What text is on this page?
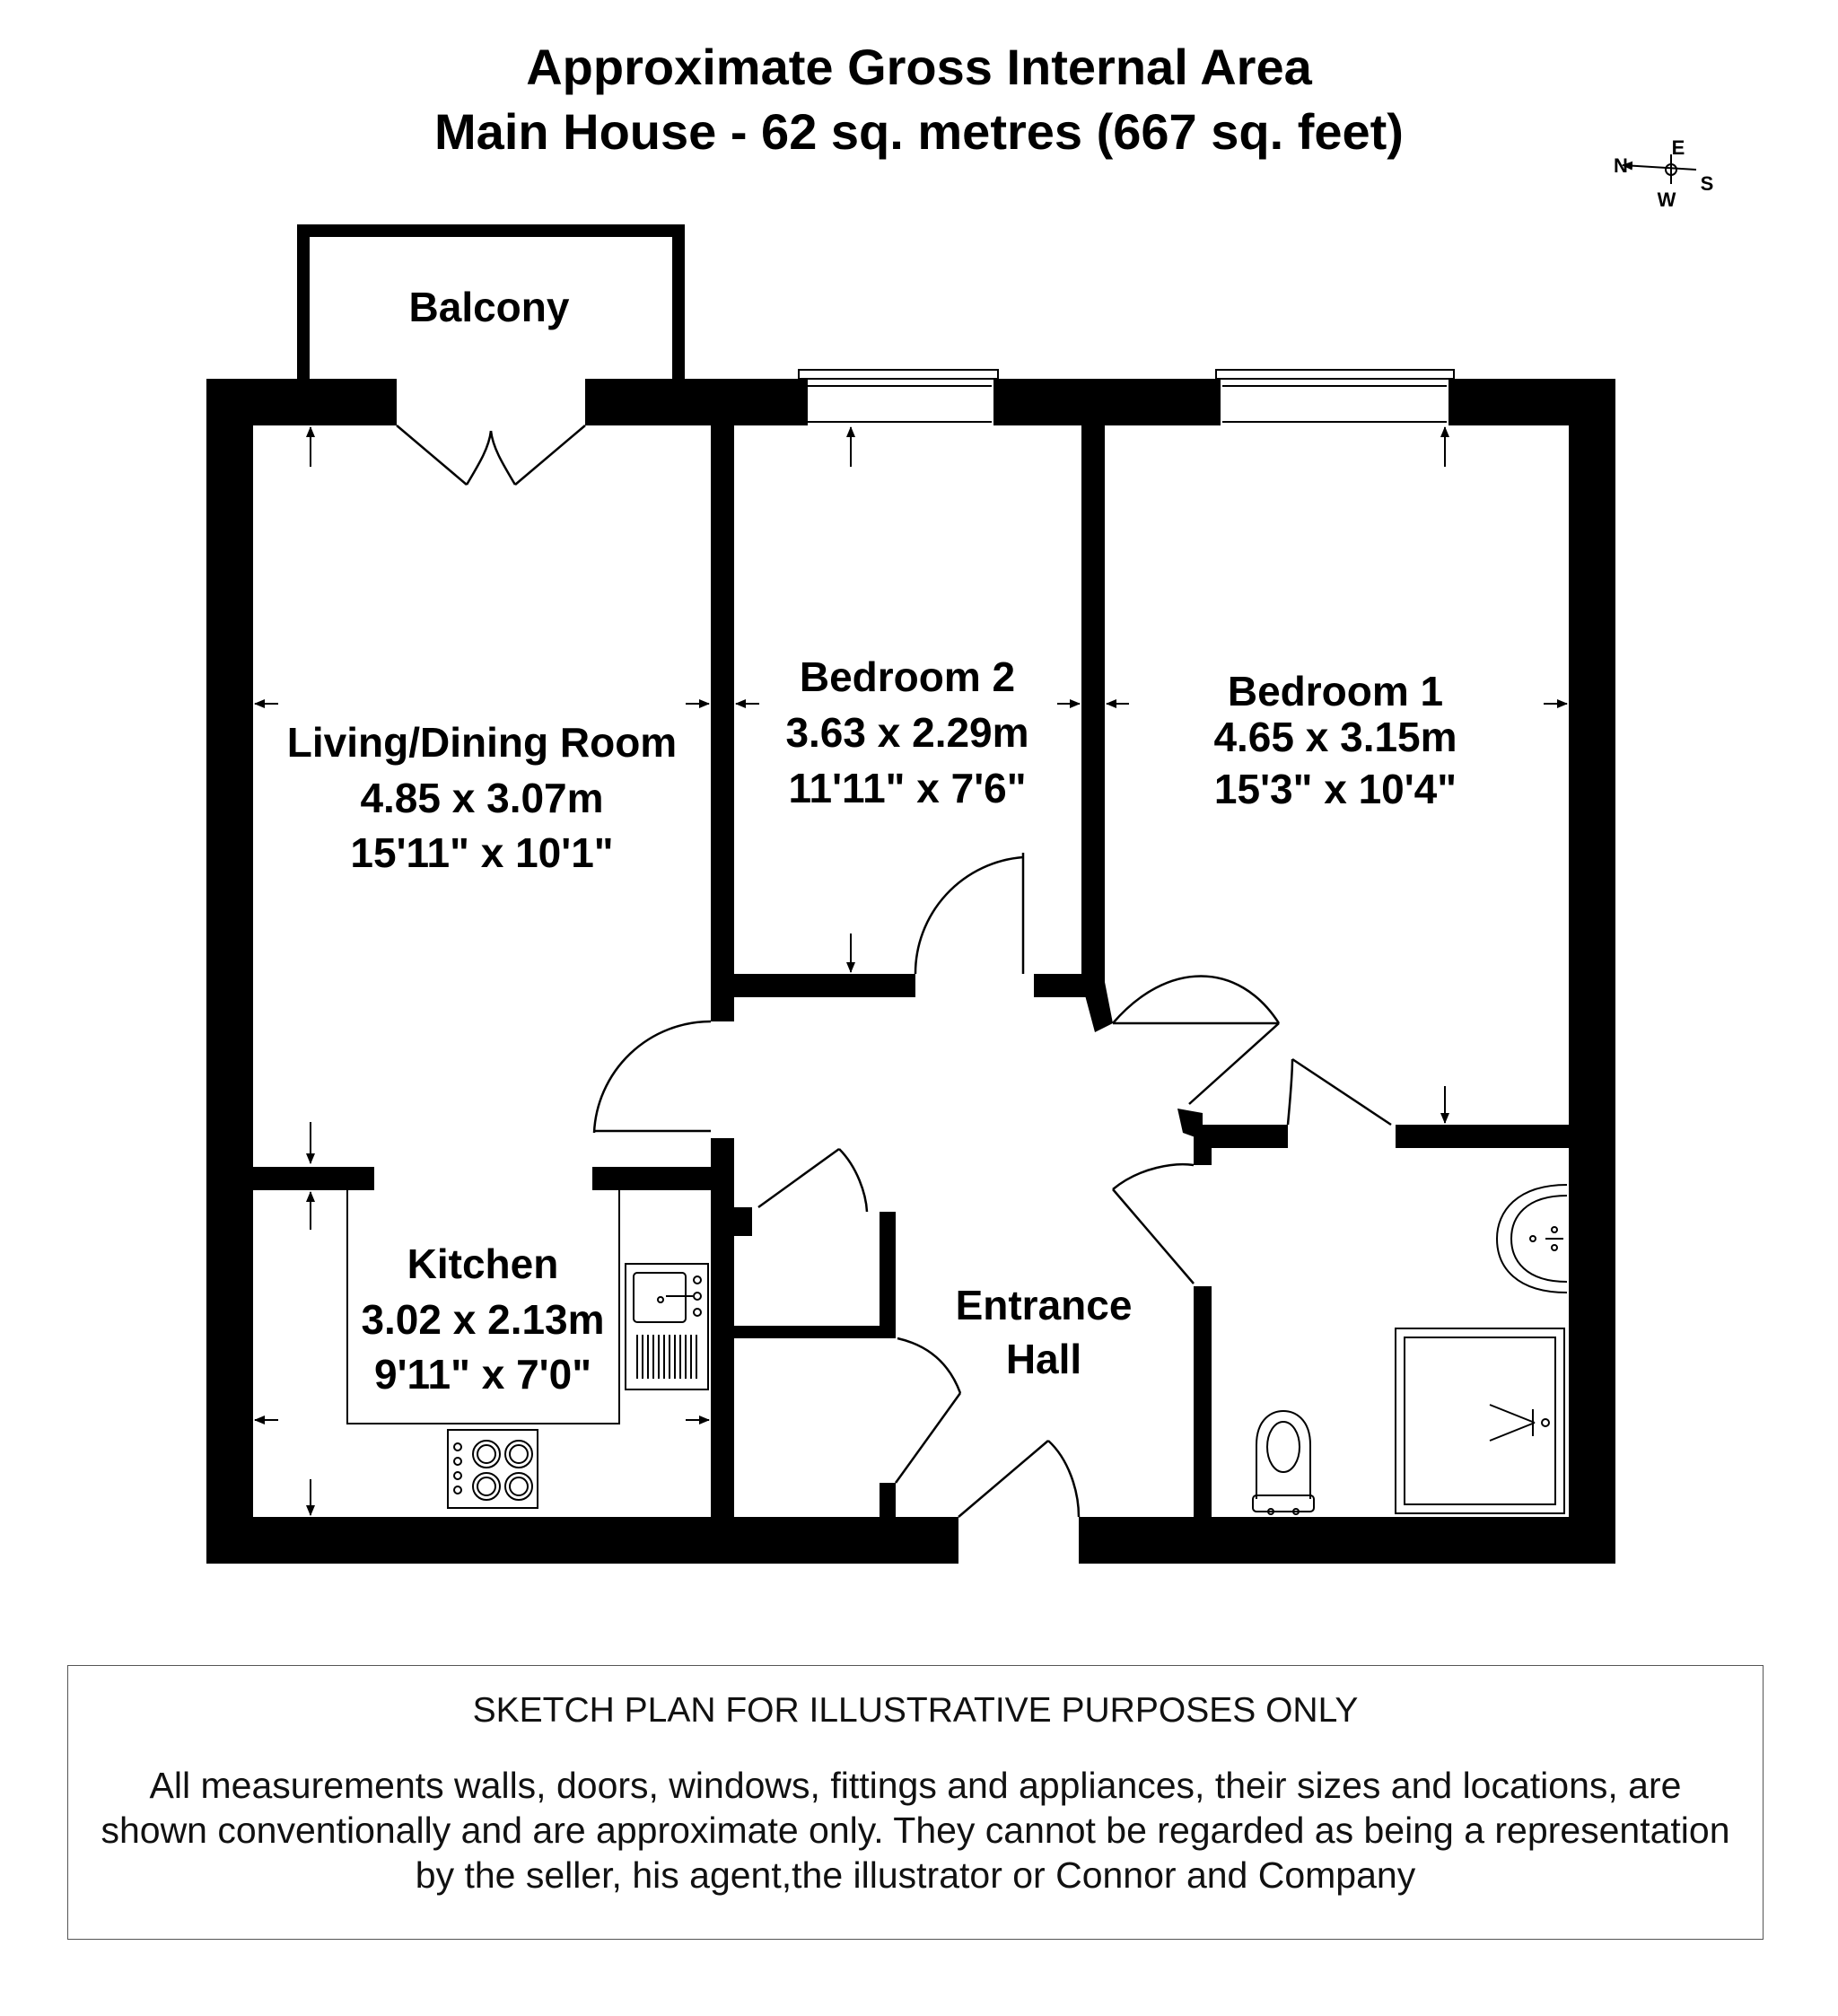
Approximate Gross Internal Area
Main House - 62 sq. metres (667 sq. feet)
N
E
S
W
Balcony
Living/Dining Room
4.85 x 3.07m
15'11" x 10'1"
Bedroom 2
3.63 x 2.29m
11'11" x 7'6"
Bedroom 1
4.65 x 3.15m
15'3" x 10'4"
Kitchen
3.02 x 2.13m
9'11" x 7'0"
Entrance
Hall
SKETCH PLAN FOR ILLUSTRATIVE PURPOSES ONLY
All measurements walls, doors, windows, fittings and appliances, their sizes and locations, are shown conventionally and are approximate only. They cannot be regarded as being a representation by the seller, his agent,the illustrator or Connor and Company
